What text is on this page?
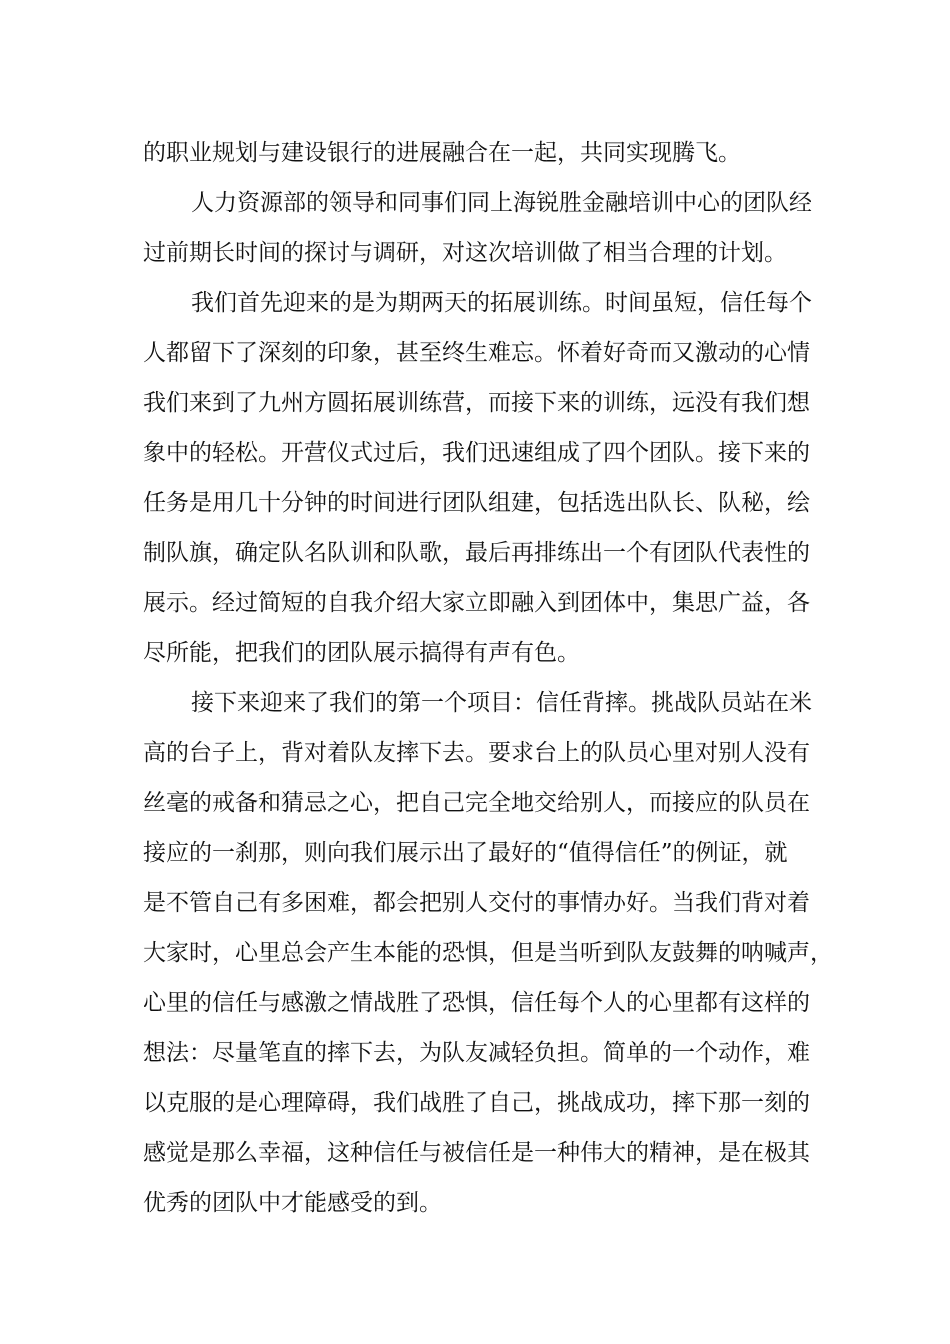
的职业规划与建设银行的进展融合在一起，共同实现腾飞。
人力资源部的领导和同事们同上海锐胜金融培训中心的团队经
过前期长时间的探讨与调研，对这次培训做了相当合理的计划。
我们首先迎来的是为期两天的拓展训练。时间虽短，信任每个
人都留下了深刻的印象，甚至终生难忘。怀着好奇而又激动的心情
我们来到了九州方圆拓展训练营，而接下来的训练，远没有我们想
象中的轻松。开营仪式过后，我们迅速组成了四个团队。接下来的
任务是用几十分钟的时间进行团队组建，包括选出队长、队秘，绘
制队旗，确定队名队训和队歌，最后再排练出一个有团队代表性的
展示。经过简短的自我介绍大家立即融入到团体中，集思广益，各
尽所能，把我们的团队展示搞得有声有色。
接下来迎来了我们的第一个项目：信任背摔。挑战队员站在米
高的台子上，背对着队友摔下去。要求台上的队员心里对别人没有
丝毫的戒备和猜忌之心，把自己完全地交给别人，而接应的队员在
接应的一刹那，则向我们展示出了最好的“值得信任”的例证，就
是不管自己有多困难，都会把别人交付的事情办好。当我们背对着
大家时，心里总会产生本能的恐惧，但是当听到队友鼓舞的呐喊声，
心里的信任与感激之情战胜了恐惧，信任每个人的心里都有这样的
想法：尽量笔直的摔下去，为队友减轻负担。简单的一个动作，难
以克服的是心理障碍，我们战胜了自己，挑战成功，摔下那一刻的
感觉是那么幸福，这种信任与被信任是一种伟大的精神，是在极其
优秀的团队中才能感受的到。
